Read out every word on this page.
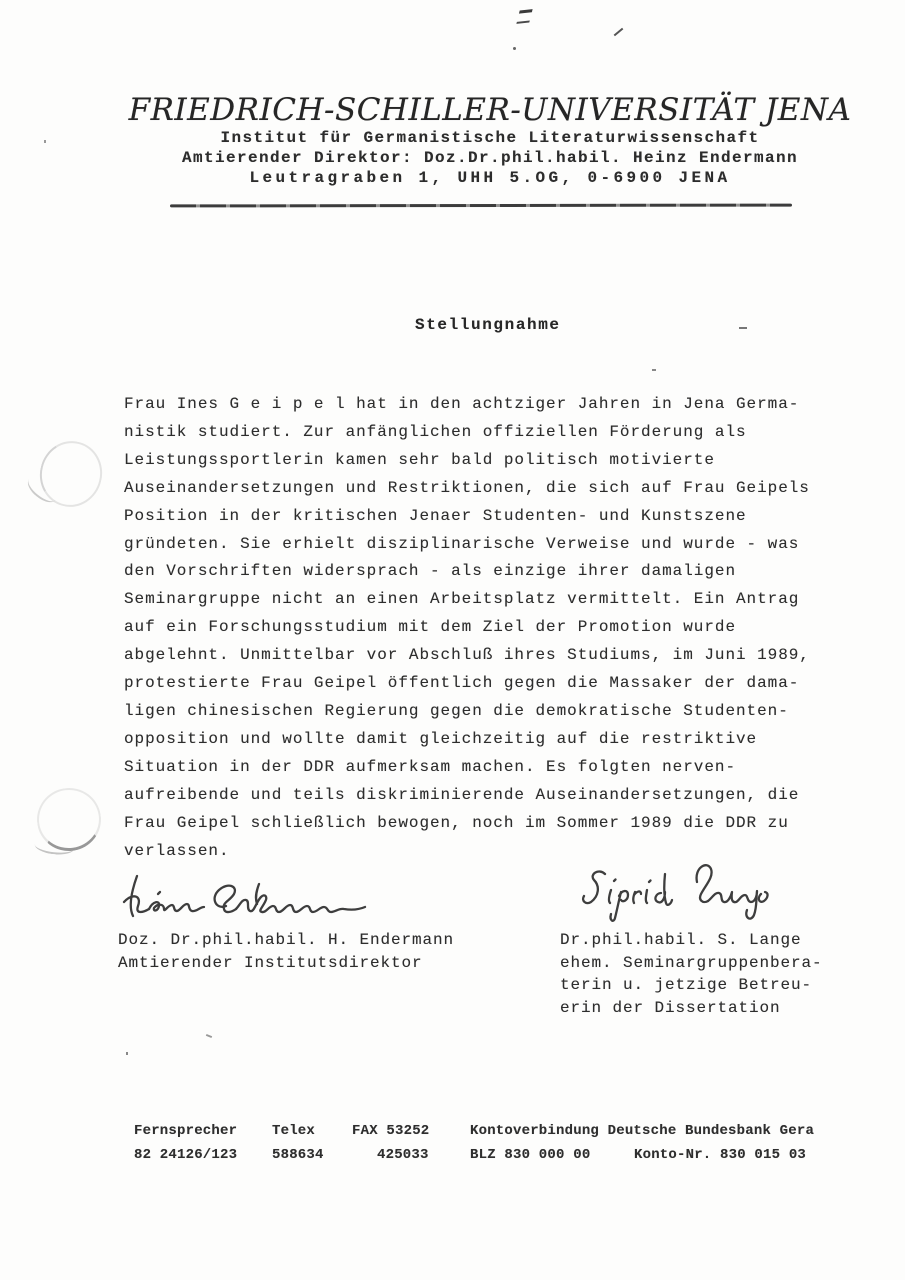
FRIEDRICH-SCHILLER-UNIVERSITÄT JENA
Institut für Germanistische Literaturwissenschaft
Amtierender Direktor: Doz.Dr.phil.habil. Heinz Endermann
Leutragraben 1, UHH 5.OG, 0-6900 JENA
Stellungnahme
Frau Ines G e i p e l hat in den achtziger Jahren in Jena Germa-
nistik studiert. Zur anfänglichen offiziellen Förderung als
Leistungssportlerin kamen sehr bald politisch motivierte
Auseinandersetzungen und Restriktionen, die sich auf Frau Geipels
Position in der kritischen Jenaer Studenten- und Kunstszene
gründeten. Sie erhielt disziplinarische Verweise und wurde - was
den Vorschriften widersprach - als einzige ihrer damaligen
Seminargruppe nicht an einen Arbeitsplatz vermittelt. Ein Antrag
auf ein Forschungsstudium mit dem Ziel der Promotion wurde
abgelehnt. Unmittelbar vor Abschluß ihres Studiums, im Juni 1989,
protestierte Frau Geipel öffentlich gegen die Massaker der dama-
ligen chinesischen Regierung gegen die demokratische Studenten-
opposition und wollte damit gleichzeitig auf die restriktive
Situation in der DDR aufmerksam machen. Es folgten nerven-
aufreibende und teils diskriminierende Auseinandersetzungen, die
Frau Geipel schließlich bewogen, noch im Sommer 1989 die DDR zu
verlassen.
Doz. Dr.phil.habil. H. Endermann
Amtierender Institutsdirektor
Dr.phil.habil. S. Lange
ehem. Seminargruppenbera-
terin u. jetzige Betreu-
erin der Dissertation
Fernsprecher
82 24126/123
Telex
588634
FAX 53252
425033
Kontoverbindung Deutsche Bundesbank Gera
BLZ 830 000 00	Konto-Nr. 830 015 03
